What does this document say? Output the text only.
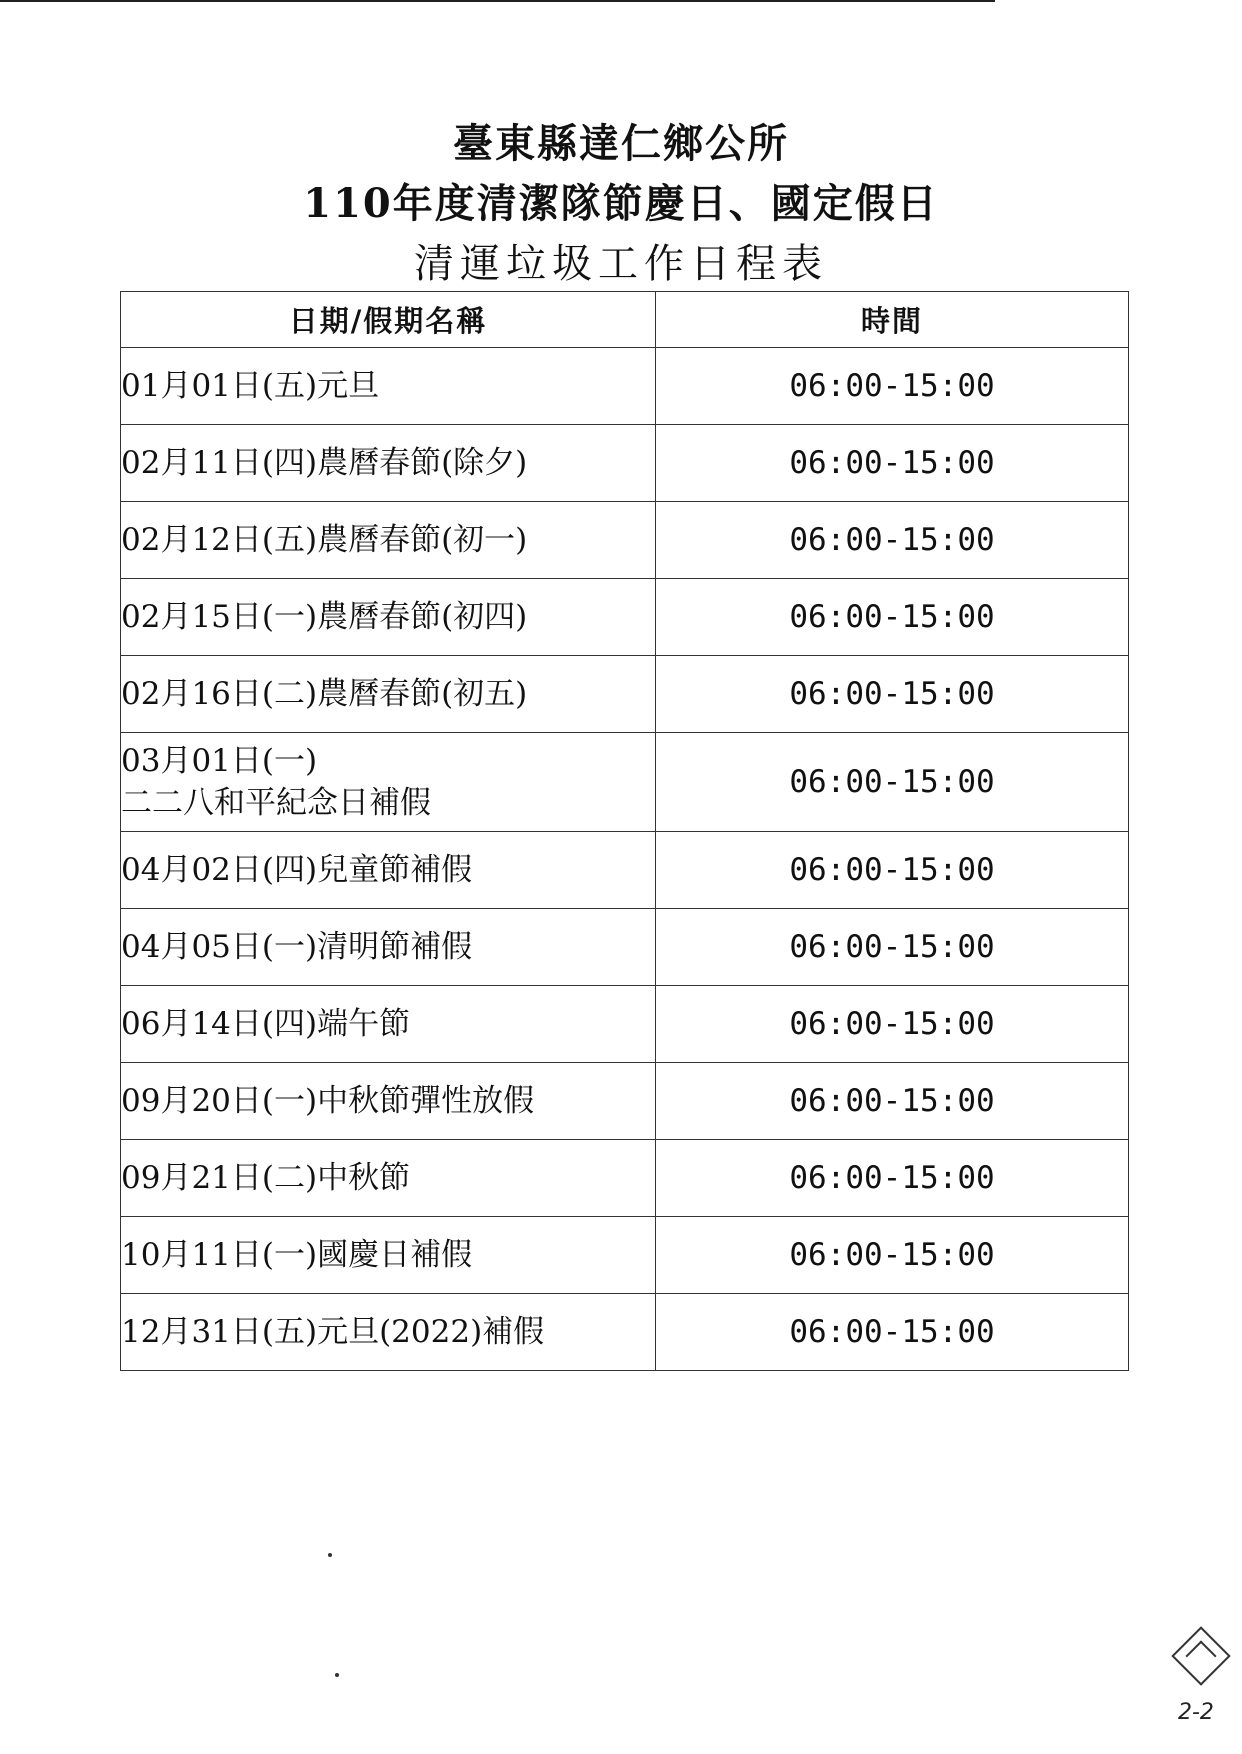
臺東縣達仁鄉公所
110年度清潔隊節慶日、國定假日
清運垃圾工作日程表
日期/假期名稱	時間
01月01日(五)元旦	06:00-15:00
02月11日(四)農曆春節(除夕)	06:00-15:00
02月12日(五)農曆春節(初一)	06:00-15:00
02月15日(一)農曆春節(初四)	06:00-15:00
02月16日(二)農曆春節(初五)	06:00-15:00

03月01日(一)
二二八和平紀念日補假	06:00-15:00
04月02日(四)兒童節補假	06:00-15:00
04月05日(一)清明節補假	06:00-15:00
06月14日(四)端午節	06:00-15:00
09月20日(一)中秋節彈性放假	06:00-15:00
09月21日(二)中秋節	06:00-15:00
10月11日(一)國慶日補假	06:00-15:00
12月31日(五)元旦(2022)補假	06:00-15:00
2-2
